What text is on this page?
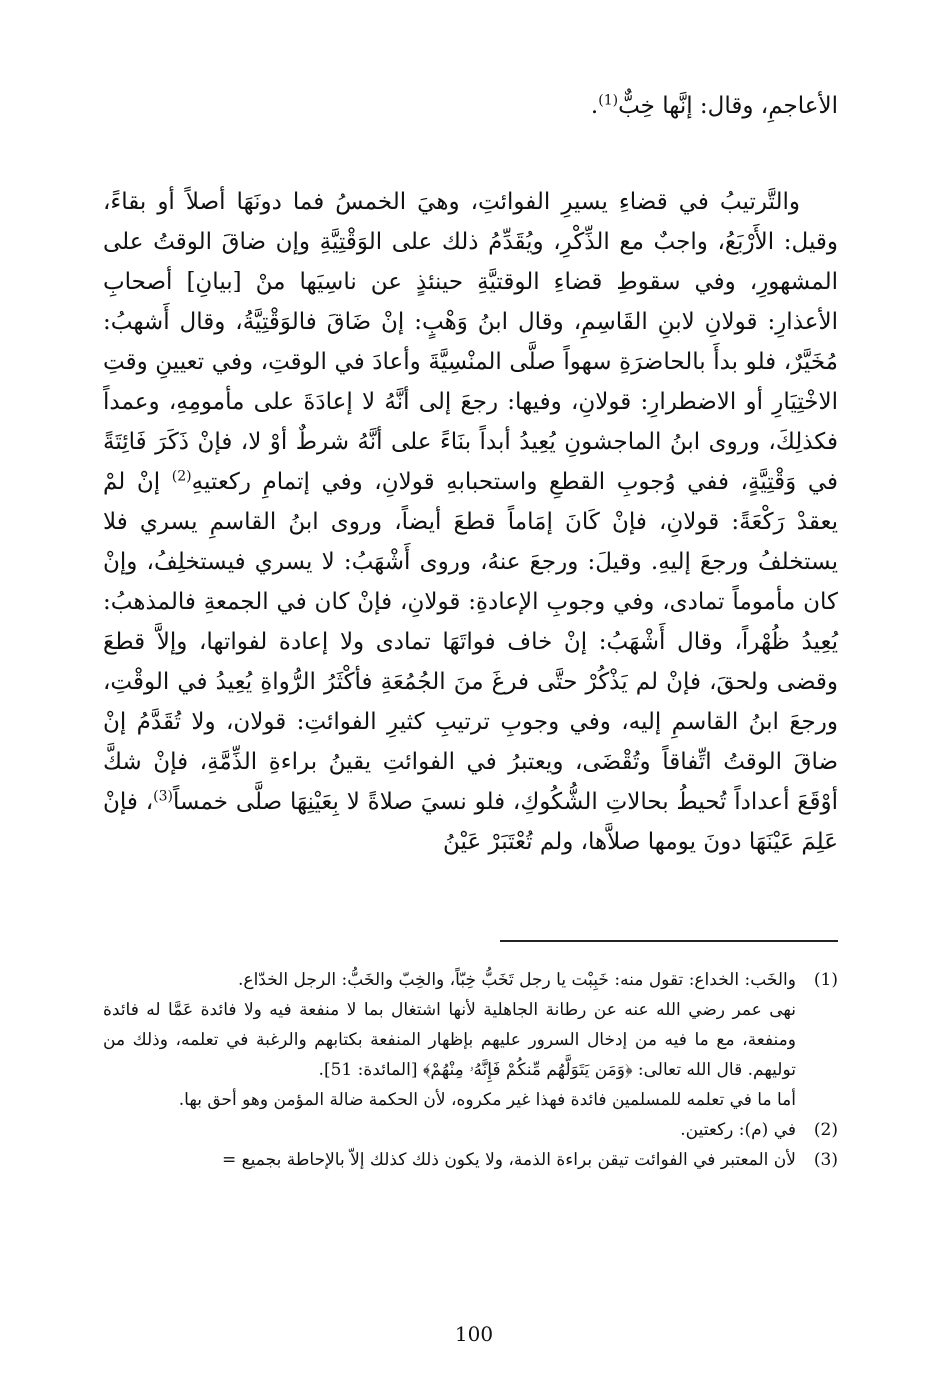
الأعاجمِ، وقال: إنَّها خِبٌّ$^{(1)}$.

والتَّرتيبُ في قضاءِ يسيرِ الفوائتِ، وهيَ الخمسُ فما دونَهَا أصلاً أو بقاءً، وقيل: الأَرْبَعُ، واجبٌ مع الذِّكْرِ، ويُقَدِّمُ ذلك على الوَقْتِيَّةِ وإن ضاقَ الوقتُ على المشهورِ، وفي سقوطِ قضاءِ الوقتيَّةِ حينئذٍ عن ناسِيَها منْ [بيانِ] أصحابِ الأعذارِ: قولانِ لابنِ القَاسِمِ، وقال ابنُ وَهْبٍ: إنْ ضَاقَ فالوَقْتِيَّةُ، وقال أَشهبُ: مُخَيَّرٌ، فلو بدأَ بالحاضرَةِ سهواً صلَّى المنْسِيَّةَ وأعادَ في الوقتِ، وفي تعيينِ وقتِ الاخْتِيَارِ أو الاضطرارِ: قولانِ، وفيها: رجعَ إلى أنَّهُ لا إعادَةَ على مأمومِهِ، وعمداً فكذلِكَ، وروى ابنُ الماجشونِ يُعِيدُ أبداً بنَاءً على أنَّهُ شرطٌ أوْ لا، فإنْ ذَكَرَ فَائِتَةً في وَقْتِيَّةٍ، ففي وُجوبِ القطعِ واستحبابهِ قولانِ، وفي إتمامِ ركعتيهِ$^{(2)}$ إنْ لمْ يعقدْ رَكْعَةً: قولانِ، فإنْ كَانَ إمَاماً قطعَ أيضاً، وروى ابنُ القاسمِ يسري فلا يستخلفُ ورجعَ إليهِ. وقيلَ: ورجعَ عنهُ، وروى أَشْهَبُ: لا يسري فيستخلِفُ، وإنْ كان مأموماً تمادى، وفي وجوبِ الإعادةِ: قولانِ، فإنْ كان في الجمعةِ فالمذهبُ: يُعِيدُ ظُهْراً، وقال أَشْهَبُ: إنْ خاف فواتَهَا تمادى ولا إعادة لفواتها، وإلاَّ قطعَ وقضى ولحقَ، فإنْ لم يَذْكُرْ حتَّى فرغَ منَ الجُمُعَةِ فأكْثَرُ الرُّواةِ يُعِيدُ في الوقْتِ، ورجعَ ابنُ القاسمِ إليه، وفي وجوبِ ترتيبِ كثيرِ الفوائتِ: قولان، ولا تُقَدَّمُ إنْ ضاقَ الوقتُ اتِّفاقاً وتُقْضَى، ويعتبرُ في الفوائتِ يقينُ براءةِ الذِّمَّةِ، فإنْ شكَّ أوْقَعَ أعداداً تُحيطُ بحالاتِ الشُّكُوكِ، فلو نسيَ صلاةً لا بِعَيْنِهَا صلَّى خمساً$^{(3)}$، فإنْ عَلِمَ عَيْنَهَا دونَ يومها صلاَّها، ولم تُعْتَبَرْ عَيْنُ

(1)
والخَب: الخداع: تقول منه: خَبِبْت يا رجل تَخَبُّ خِبّاً، والخِبّ والخَبُّ: الرجل الخدّاع.
نهى عمر رضي الله عنه عن رطانة الجاهلية لأنها اشتغال بما لا منفعة فيه ولا فائدة عَمَّا له فائدة ومنفعة، مع ما فيه من إدخال السرور عليهم بإظهار المنفعة بكتابهم والرغبة في تعلمه، وذلك من توليهم. قال الله تعالى: ﴿وَمَن يَتَوَلَّهُم مِّنكُمْ فَإِنَّهُۥ مِنْهُمْ﴾ [المائدة: 51].
أما ما في تعلمه للمسلمين فائدة فهذا غير مكروه، لأن الحكمة ضالة المؤمن وهو أحق بها.
(2)
في (م): ركعتين.
(3)
لأن المعتبر في الفوائت تيقن براءة الذمة، ولا يكون ذلك كذلك إلاّ بالإحاطة بجميع =
100
